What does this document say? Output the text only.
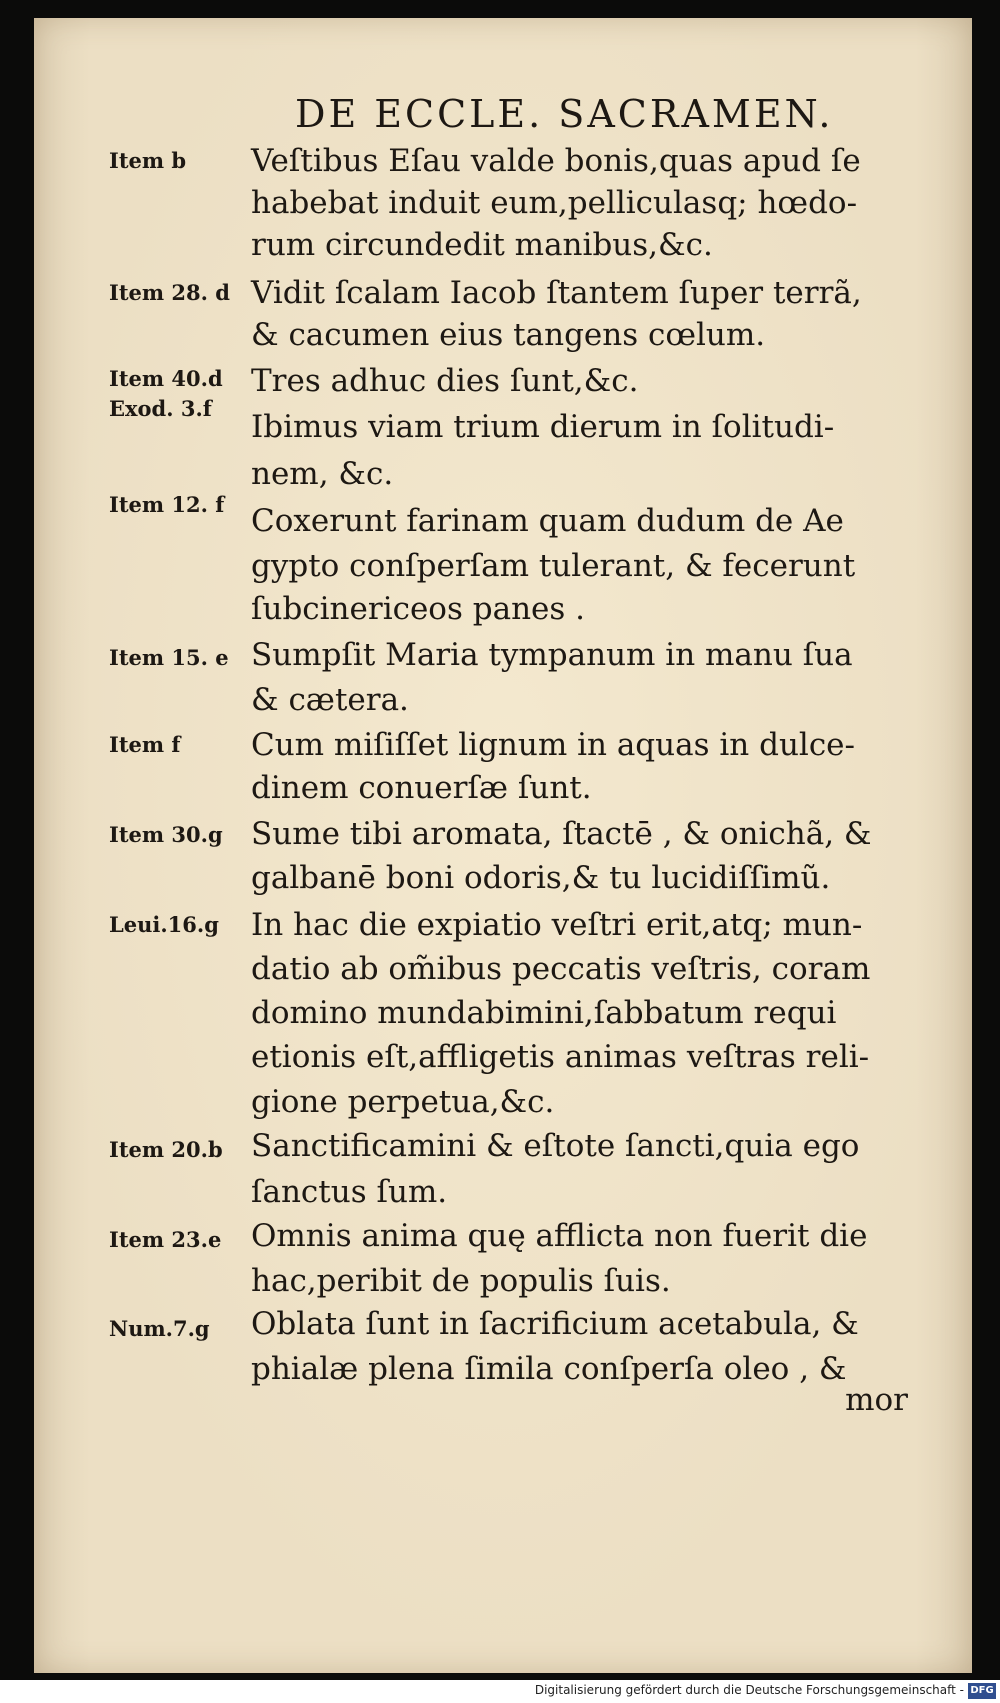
DE ECCLE. SACRAMEN.
Item b Veſtibus Eſau valde bonis,quas apud ſe
habebat induit eum,pelliculasq; hœdo-
rum circundedit manibus,&c.
Item 28. d Vidit ſcalam Iacob ſtantem ſuper terrã,
& cacumen eius tangens cœlum.
Item 40.d Tres adhuc dies ſunt,&c.
Exod. 3.f
Ibimus viam trium dierum in ſolitudi-
nem, &c.
Item 12. f Coxerunt farinam quam dudum de Ae
gypto conſperſam tulerant, & fecerunt
ſubcinericeos panes .
Item 15. e Sumpſit Maria tympanum in manu ſua
& cætera.
Item f Cum miſiſſet lignum in aquas in dulce-
dinem conuerſæ ſunt.
Item 30.g Sume tibi aromata, ſtactē , & onichã, &
galbanē boni odoris,& tu lucidiſſimũ.
Leui.16.g In hac die expiatio veſtri erit,atq; mun-
datio ab om̃ibus peccatis veſtris, coram
domino mundabimini,ſabbatum requi
etionis eſt,affligetis animas veſtras reli-
gione perpetua,&c.
Item 20.b Sanctificamini & eſtote ſancti,quia ego
ſanctus ſum.
Item 23.e Omnis anima quę afflicta non fuerit die
hac,peribit de populis ſuis.
Num.7.g Oblata ſunt in ſacrificium acetabula, &
phialæ plena ſimila conſperſa oleo , &
mor
Digitalisierung gefördert durch die Deutsche Forschungsgemeinschaft - DFG
